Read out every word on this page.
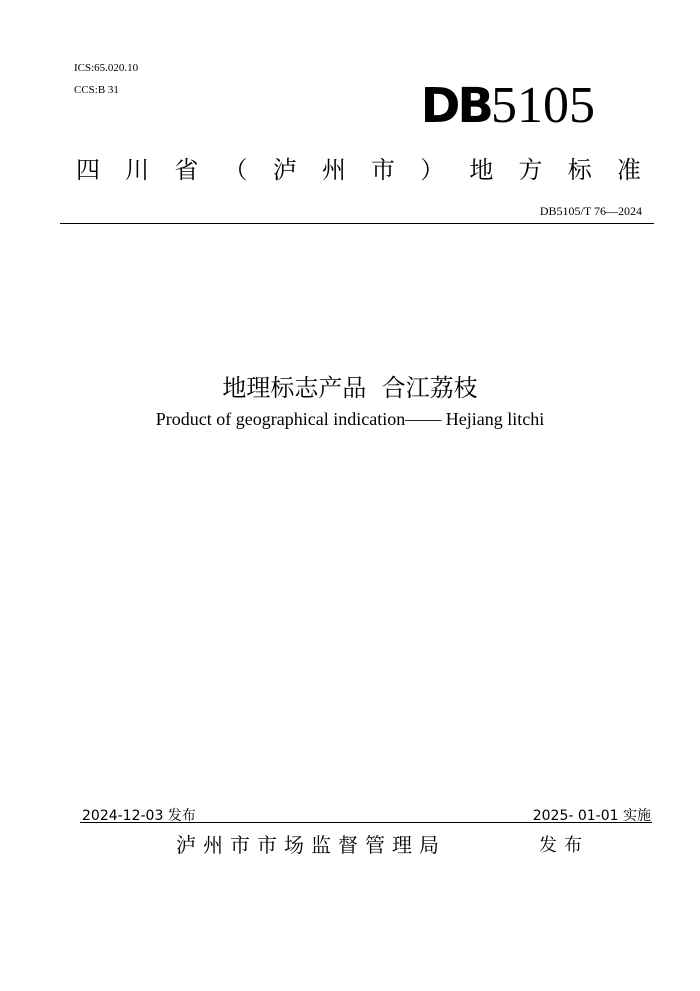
ICS:65.020.10
CCS:B 31	DB5105
四 川 省 （ 泸 州 市 ） 地 方 标 准
DB5105/T 76—2024
地理标志产品  合江荔枝
Product of geographical indication—— Hejiang litchi
2024-12-03 发布	2025- 01-01 实施
泸州市市场监督管理局	发布
